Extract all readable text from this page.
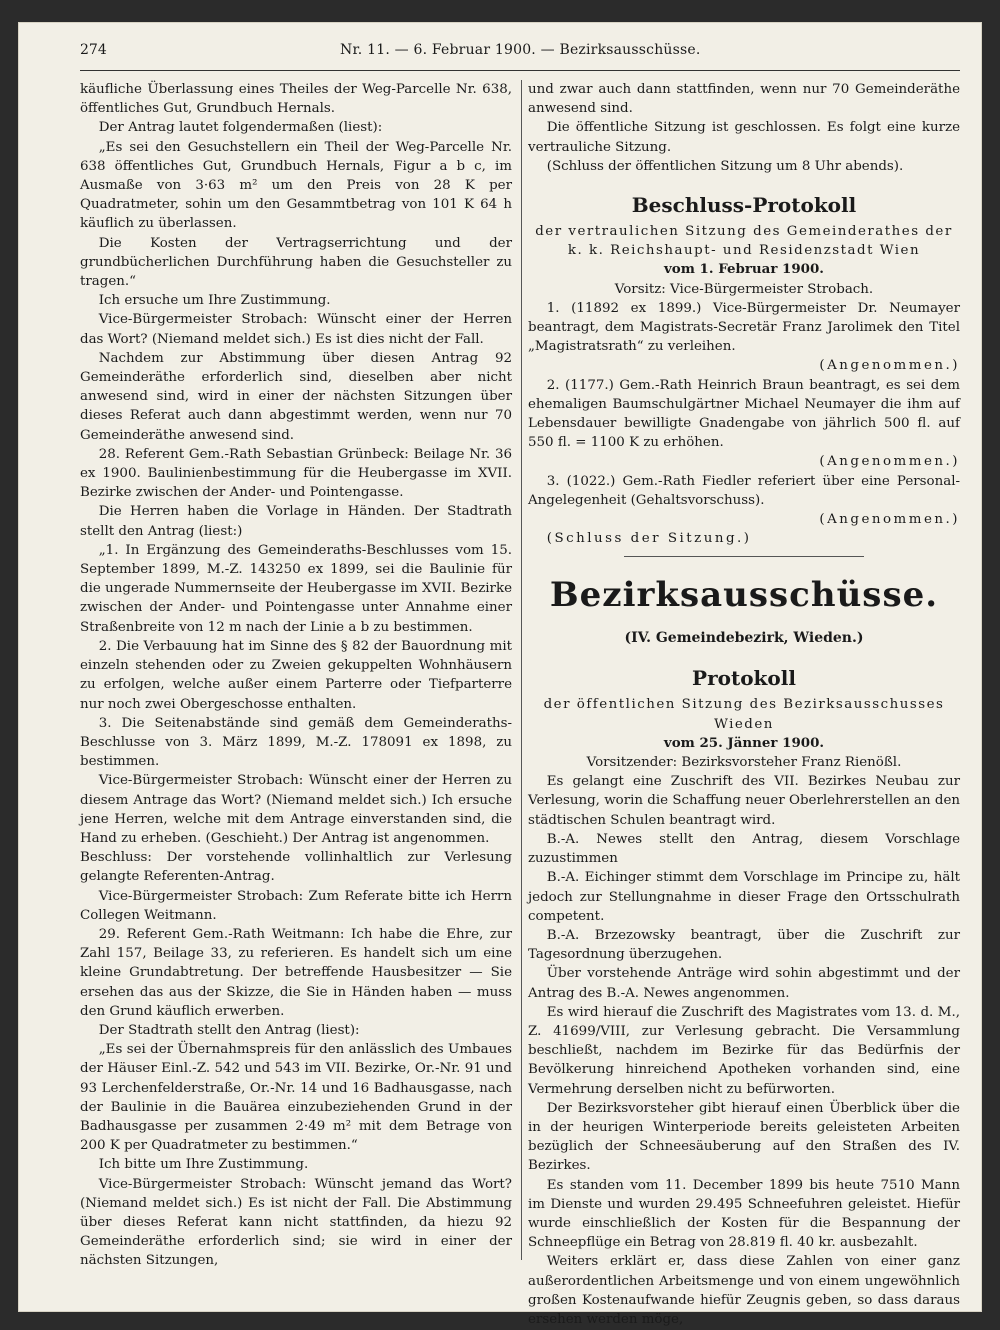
274	Nr. 11. — 6. Februar 1900. — Bezirksausschüsse.

käufliche Überlassung eines Theiles der Weg-Parcelle Nr. 638, öffentliches Gut, Grundbuch Hernals.

Der Antrag lautet folgendermaßen (liest):

„Es sei den Gesuchstellern ein Theil der Weg-Parcelle Nr. 638 öffentliches Gut, Grundbuch Hernals, Figur a b c, im Ausmaße von 3·63 m² um den Preis von 28 K per Quadratmeter, sohin um den Gesammtbetrag von 101 K 64 h käuflich zu überlassen.

Die Kosten der Vertragserrichtung und der grundbücherlichen Durchführung haben die Gesuchsteller zu tragen.“

Ich ersuche um Ihre Zustimmung.

Vice-Bürgermeister Strobach: Wünscht einer der Herren das Wort? (Niemand meldet sich.) Es ist dies nicht der Fall.

Nachdem zur Abstimmung über diesen Antrag 92 Gemeinderäthe erforderlich sind, dieselben aber nicht anwesend sind, wird in einer der nächsten Sitzungen über dieses Referat auch dann abgestimmt werden, wenn nur 70 Gemeinderäthe anwesend sind.

28. Referent Gem.-Rath Sebastian Grünbeck: Beilage Nr. 36 ex 1900. Baulinienbestimmung für die Heubergasse im XVII. Bezirke zwischen der Ander- und Pointengasse.

Die Herren haben die Vorlage in Händen. Der Stadtrath stellt den Antrag (liest:)

„1. In Ergänzung des Gemeinderaths-Beschlusses vom 15. September 1899, M.-Z. 143250 ex 1899, sei die Baulinie für die ungerade Nummernseite der Heubergasse im XVII. Bezirke zwischen der Ander- und Pointengasse unter Annahme einer Straßenbreite von 12 m nach der Linie a b zu bestimmen.

2. Die Verbauung hat im Sinne des § 82 der Bauordnung mit einzeln stehenden oder zu Zweien gekuppelten Wohnhäusern zu erfolgen, welche außer einem Parterre oder Tiefparterre nur noch zwei Obergeschosse enthalten.

3. Die Seitenabstände sind gemäß dem Gemeinderaths-Beschlusse von 3. März 1899, M.-Z. 178091 ex 1898, zu bestimmen.

Vice-Bürgermeister Strobach: Wünscht einer der Herren zu diesem Antrage das Wort? (Niemand meldet sich.) Ich ersuche jene Herren, welche mit dem Antrage einverstanden sind, die Hand zu erheben. (Geschieht.) Der Antrag ist angenommen.

Beschluss: Der vorstehende vollinhaltlich zur Verlesung gelangte Referenten-Antrag.

Vice-Bürgermeister Strobach: Zum Referate bitte ich Herrn Collegen Weitmann.

29. Referent Gem.-Rath Weitmann: Ich habe die Ehre, zur Zahl 157, Beilage 33, zu referieren. Es handelt sich um eine kleine Grundabtretung. Der betreffende Hausbesitzer — Sie ersehen das aus der Skizze, die Sie in Händen haben — muss den Grund käuflich erwerben.

Der Stadtrath stellt den Antrag (liest):

„Es sei der Übernahmspreis für den anlässlich des Umbaues der Häuser Einl.-Z. 542 und 543 im VII. Bezirke, Or.-Nr. 91 und 93 Lerchenfelderstraße, Or.-Nr. 14 und 16 Badhausgasse, nach der Baulinie in die Bauärea einzubeziehenden Grund in der Badhausgasse per zusammen 2·49 m² mit dem Betrage von 200 K per Quadratmeter zu bestimmen.“

Ich bitte um Ihre Zustimmung.

Vice-Bürgermeister Strobach: Wünscht jemand das Wort? (Niemand meldet sich.) Es ist nicht der Fall. Die Abstimmung über dieses Referat kann nicht stattfinden, da hiezu 92 Gemeinderäthe erforderlich sind; sie wird in einer der nächsten Sitzungen,

und zwar auch dann stattfinden, wenn nur 70 Gemeinderäthe anwesend sind.

Die öffentliche Sitzung ist geschlossen. Es folgt eine kurze vertrauliche Sitzung.

(Schluss der öffentlichen Sitzung um 8 Uhr abends).

Beschluss-Protokoll

der vertraulichen Sitzung des Gemeinderathes der

k. k. Reichshaupt- und Residenzstadt Wien

vom 1. Februar 1900.

Vorsitz: Vice-Bürgermeister Strobach.

1. (11892 ex 1899.) Vice-Bürgermeister Dr. Neumayer beantragt, dem Magistrats-Secretär Franz Jarolimek den Titel „Magistratsrath“ zu verleihen.

(Angenommen.)

2. (1177.) Gem.-Rath Heinrich Braun beantragt, es sei dem ehemaligen Baumschulgärtner Michael Neumayer die ihm auf Lebensdauer bewilligte Gnadengabe von jährlich 500 fl. auf 550 fl. = 1100 K zu erhöhen.

(Angenommen.)

3. (1022.) Gem.-Rath Fiedler referiert über eine Personal-Angelegenheit (Gehaltsvorschuss).

(Angenommen.)

(Schluss der Sitzung.)

Bezirksausschüsse.
(IV. Gemeindebezirk, Wieden.)
Protokoll

der öffentlichen Sitzung des Bezirksausschusses Wieden

vom 25. Jänner 1900.

Vorsitzender: Bezirksvorsteher Franz Rienößl.

Es gelangt eine Zuschrift des VII. Bezirkes Neubau zur Verlesung, worin die Schaffung neuer Oberlehrerstellen an den städtischen Schulen beantragt wird.

B.-A. Newes stellt den Antrag, diesem Vorschlage zuzustimmen

B.-A. Eichinger stimmt dem Vorschlage im Principe zu, hält jedoch zur Stellungnahme in dieser Frage den Ortsschulrath competent.

B.-A. Brzezowsky beantragt, über die Zuschrift zur Tagesordnung überzugehen.

Über vorstehende Anträge wird sohin abgestimmt und der Antrag des B.-A. Newes angenommen.

Es wird hierauf die Zuschrift des Magistrates vom 13. d. M., Z. 41699/VIII, zur Verlesung gebracht. Die Versammlung beschließt, nachdem im Bezirke für das Bedürfnis der Bevölkerung hinreichend Apotheken vorhanden sind, eine Vermehrung derselben nicht zu befürworten.

Der Bezirksvorsteher gibt hierauf einen Überblick über die in der heurigen Winterperiode bereits geleisteten Arbeiten bezüglich der Schneesäuberung auf den Straßen des IV. Bezirkes.

Es standen vom 11. December 1899 bis heute 7510 Mann im Dienste und wurden 29.495 Schneefuhren geleistet. Hiefür wurde einschließlich der Kosten für die Bespannung der Schneepflüge ein Betrag von 28.819 fl. 40 kr. ausbezahlt.

Weiters erklärt er, dass diese Zahlen von einer ganz außerordentlichen Arbeitsmenge und von einem ungewöhnlich großen Kostenaufwande hiefür Zeugnis geben, so dass daraus ersehen werden möge,
